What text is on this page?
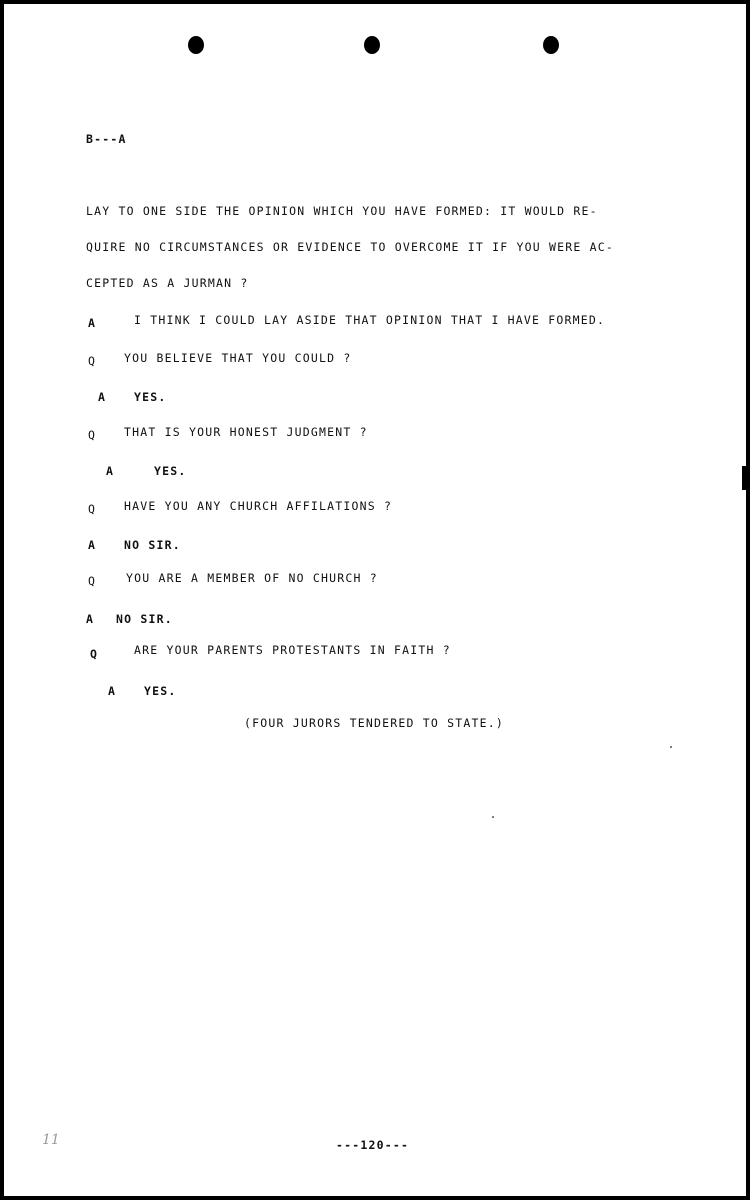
B---A
LAY TO ONE SIDE THE OPINION WHICH YOU HAVE FORMED: IT WOULD RE-
QUIRE NO CIRCUMSTANCES OR EVIDENCE TO OVERCOME IT IF YOU WERE AC-
CEPTED AS A JURMAN ?
A	I THINK I COULD LAY ASIDE THAT OPINION THAT I HAVE FORMED.
Q YOU BELIEVE THAT YOU COULD ?
A YES.
Q THAT IS YOUR HONEST JUDGMENT ?
A	YES.
Q HAVE YOU ANY CHURCH AFFILATIONS ?
A NO SIR.
Q	YOU ARE A MEMBER OF NO CHURCH ?
A NO SIR.
Q	ARE YOUR PARENTS PROTESTANTS IN FAITH ?
A YES.
(FOUR JURORS TENDERED TO STATE.)
---120---
11
